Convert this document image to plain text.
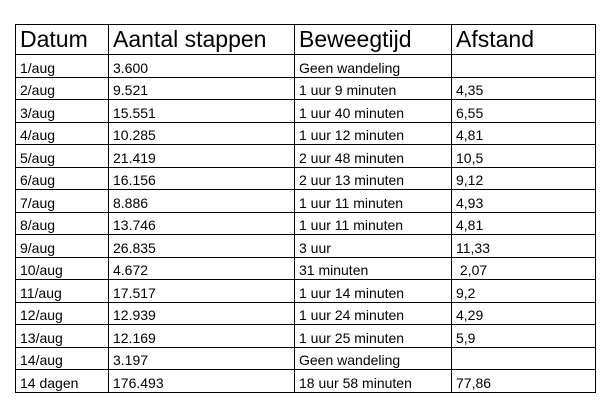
Datum	Aantal stappen	Beweegtijd	Afstand
1/aug	3.600	Geen wandeling	
2/aug	9.521	1 uur 9 minuten	4,35
3/aug	15.551	1 uur 40 minuten	6,55
4/aug	10.285	1 uur 12 minuten	4,81
5/aug	21.419	2 uur 48 minuten	10,5
6/aug	16.156	2 uur 13 minuten	9,12
7/aug	8.886	1 uur 11 minuten	4,93
8/aug	13.746	1 uur 11 minuten	4,81
9/aug	26.835	3 uur	11,33
10/aug	4.672	31 minuten	2,07
11/aug	17.517	1 uur 14 minuten	9,2
12/aug	12.939	1 uur 24 minuten	4,29
13/aug	12.169	1 uur 25 minuten	5,9
14/aug	3.197	Geen wandeling	
14 dagen	176.493	18 uur 58 minuten	77,86
